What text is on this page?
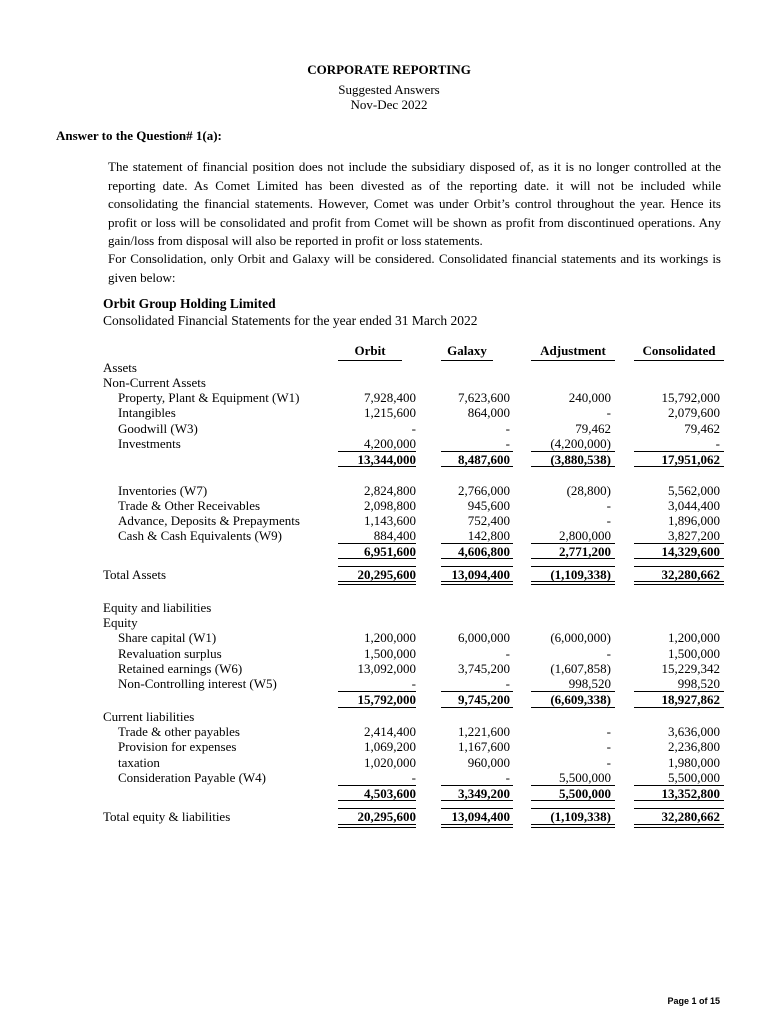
CORPORATE REPORTING
Suggested Answers
Nov-Dec 2022
Answer to the Question# 1(a):
The statement of financial position does not include the subsidiary disposed of, as it is no longer controlled at the reporting date. As Comet Limited has been divested as of the reporting date. it will not be included while consolidating the financial statements. However, Comet was under Orbit’s control throughout the year. Hence its profit or loss will be consolidated and profit from Comet will be shown as profit from discontinued operations. Any gain/loss from disposal will also be reported in profit or loss statements.
For Consolidation, only Orbit and Galaxy will be considered. Consolidated financial statements and its workings is given below:
Orbit Group Holding Limited
Consolidated Financial Statements for the year ended 31 March 2022
Orbit	Galaxy	Adjustment	Consolidated
Assets
Non-Current Assets
Property, Plant & Equipment (W1)	7,928,400	7,623,600	240,000	15,792,000
Intangibles	1,215,600	864,000	-	2,079,600
Goodwill (W3)	-	-	79,462	79,462
Investments	4,200,000	-	(4,200,000)	-
13,344,000	8,487,600	(3,880,538)	17,951,062
Inventories (W7)	2,824,800	2,766,000	(28,800)	5,562,000
Trade & Other Receivables	2,098,800	945,600	-	3,044,400
Advance, Deposits & Prepayments	1,143,600	752,400	-	1,896,000
Cash & Cash Equivalents (W9)	884,400	142,800	2,800,000	3,827,200
6,951,600	4,606,800	2,771,200	14,329,600
Total Assets	20,295,600	13,094,400	(1,109,338)	32,280,662
Equity and liabilities
Equity
Share capital (W1)	1,200,000	6,000,000	(6,000,000)	1,200,000
Revaluation surplus	1,500,000	-	-	1,500,000
Retained earnings (W6)	13,092,000	3,745,200	(1,607,858)	15,229,342
Non-Controlling interest (W5)	-	-	998,520	998,520
15,792,000	9,745,200	(6,609,338)	18,927,862
Current liabilities
Trade & other payables	2,414,400	1,221,600	-	3,636,000
Provision for expenses	1,069,200	1,167,600	-	2,236,800
taxation	1,020,000	960,000	-	1,980,000
Consideration Payable (W4)	-	-	5,500,000	5,500,000
4,503,600	3,349,200	5,500,000	13,352,800
Total equity & liabilities	20,295,600	13,094,400	(1,109,338)	32,280,662
Page 1 of 15
